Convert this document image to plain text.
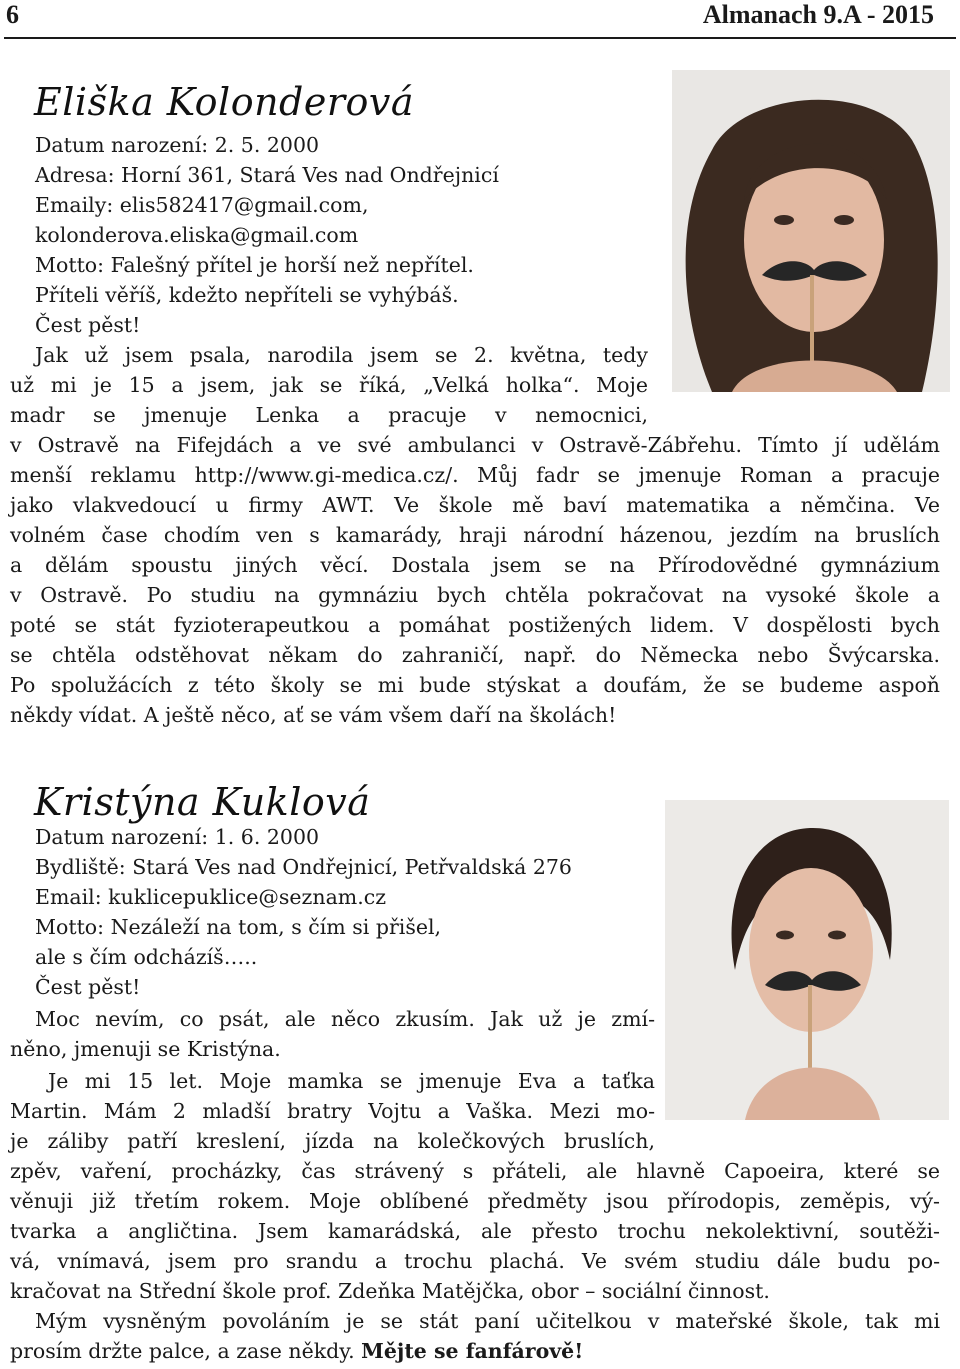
6	Almanach 9.A - 2015
Eliška Kolonderová
Datum narození: 2. 5. 2000
Adresa: Horní 361, Stará Ves nad Ondřejnicí
Emaily: elis582417@gmail.com,
kolonderova.eliska@gmail.com
Motto: Falešný přítel je horší než nepřítel.
Příteli věříš, kdežto nepříteli se vyhýbáš.
Čest pěst!
Jak už jsem psala, narodila jsem se 2. května, tedy
už mi je 15 a jsem, jak se říká, „Velká holka“. Moje
madr se jmenuje Lenka a pracuje v nemocnici,
v Ostravě na Fifejdách a ve své ambulanci v Ostravě-Zábřehu. Tímto jí udělám
menší reklamu http://www.gi-medica.cz/. Můj fadr se jmenuje Roman a pracuje
jako vlakvedoucí u firmy AWT. Ve škole mě baví matematika a němčina. Ve
volném čase chodím ven s kamarády, hraji národní házenou, jezdím na bruslích
a dělám spoustu jiných věcí. Dostala jsem se na Přírodovědné gymnázium
v Ostravě. Po studiu na gymnáziu bych chtěla pokračovat na vysoké škole a
poté se stát fyzioterapeutkou a pomáhat postižených lidem. V dospělosti bych
se chtěla odstěhovat někam do zahraničí, např. do Německa nebo Švýcarska.
Po spolužácích z této školy se mi bude stýskat a doufám, že se budeme aspoň
někdy vídat. A ještě něco, ať se vám všem daří na školách!
Kristýna Kuklová
Datum narození: 1. 6. 2000
Bydliště: Stará Ves nad Ondřejnicí, Petřvaldská 276
Email: kuklicepuklice@seznam.cz
Motto: Nezáleží na tom, s čím si přišel,
ale s čím odcházíš…..
Čest pěst!
Moc nevím, co psát, ale něco zkusím. Jak už je zmí-
něno, jmenuji se Kristýna.
Je mi 15 let. Moje mamka se jmenuje Eva a taťka
Martin. Mám 2 mladší bratry Vojtu a Vaška. Mezi mo-
je záliby patří kreslení, jízda na kolečkových bruslích,
zpěv, vaření, procházky, čas strávený s přáteli, ale hlavně Capoeira, které se
věnuji již třetím rokem. Moje oblíbené předměty jsou přírodopis, zeměpis, vý-
tvarka a angličtina. Jsem kamarádská, ale přesto trochu nekolektivní, soutěži-
vá, vnímavá, jsem pro srandu a trochu plachá. Ve svém studiu dále budu po-
kračovat na Střední škole prof. Zdeňka Matějčka, obor – sociální činnost.
Mým vysněným povoláním je se stát paní učitelkou v mateřské škole, tak mi
prosím držte palce, a zase někdy. Mějte se fanfárově!
